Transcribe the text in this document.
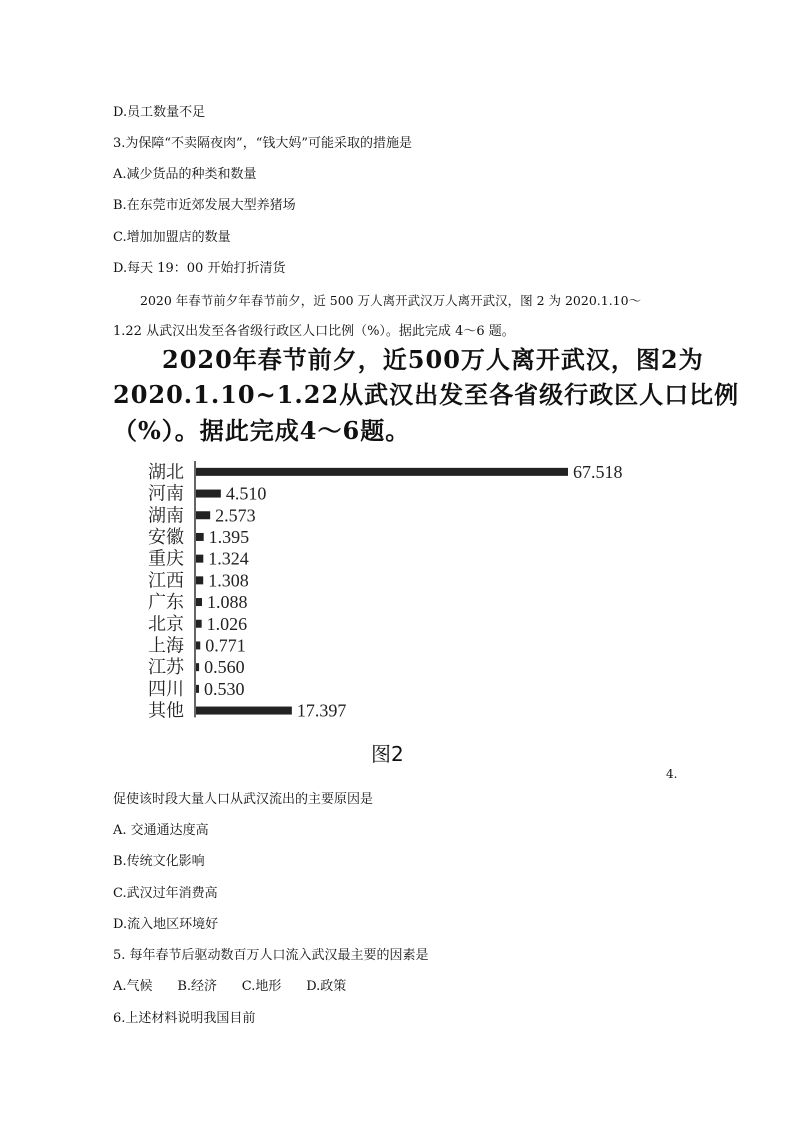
D.员工数量不足
3.为保障“不卖隔夜肉”，“钱大妈”可能采取的措施是
A.减少货品的种类和数量
B.在东莞市近郊发展大型养猪场
C.增加加盟店的数量
D.每天 19：00 开始打折清货
2020 年春节前夕年春节前夕，近 500 万人离开武汉万人离开武汉，图 2 为 2020.1.10～
1.22 从武汉出发至各省级行政区人口比例（%）。据此完成 4～6 题。
2020年春节前夕，近500万人离开武汉，图2为
2020.1.10~1.22从武汉出发至各省级行政区人口比例
（%）。据此完成4～6题。
湖北	67.518
河南 4.510
湖南 2.573
安徽 1.395
重庆 1.324
江西 1.308
广东 1.088
北京 1.026
上海 0.771
江苏 0.560
四川 0.530
其他	17.397
图2
4.
促使该时段大量人口从武汉流出的主要原因是
A. 交通通达度高
B.传统文化影响
C.武汉过年消费高
D.流入地区环境好
5. 每年春节后驱动数百万人口流入武汉最主要的因素是
A.气候      B.经济      C.地形      D.政策
6.上述材料说明我国目前
